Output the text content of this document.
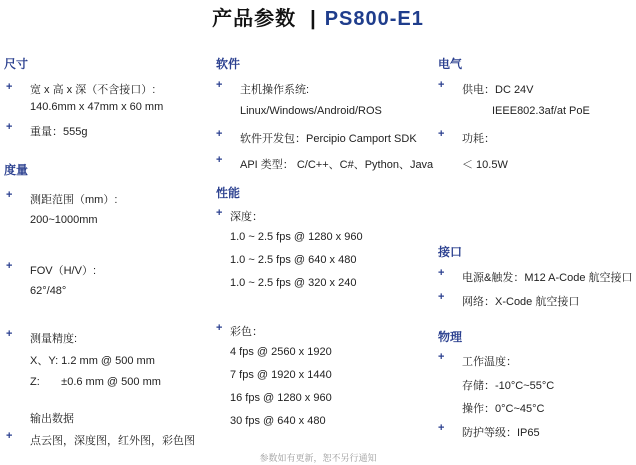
产品参数 | PS800-E1
尺寸
+ 宽 x 高 x 深（不含接口）:
140.6mm x 47mm x 60 mm
+ 重量：555g
度量
+ 测距范围（mm）:
200~1000mm
+ FOV（H/V）:
62°/48°
+ 测量精度:
X、Y: 1.2 mm @ 500 mm
Z:       ±0.6 mm @ 500 mm
输出数据
+ 点云图，深度图，红外图，彩色图
软件
+ 主机操作系统:
Linux/Windows/Android/ROS
+ 软件开发包：Percipio Camport SDK
+ API 类型： C/C++、C#、Python、Java
性能
+ 深度：
1.0 ~ 2.5 fps @ 1280 x 960
1.0 ~ 2.5 fps @ 640 x 480
1.0 ~ 2.5 fps @ 320 x 240
+ 彩色：
4 fps @ 2560 x 1920
7 fps @ 1920 x 1440
16 fps @ 1280 x 960
30 fps @ 640 x 480
电气
+ 供电：DC 24V
IEEE802.3af/at PoE
+ 功耗：
＜ 10.5W
接口
+ 电源&触发：M12 A-Code 航空接口
+ 网络：X-Code 航空接口
物理
+ 工作温度：
存储：-10°C~55°C
操作：0°C~45°C
+ 防护等级：IP65
参数如有更新，恕不另行通知
